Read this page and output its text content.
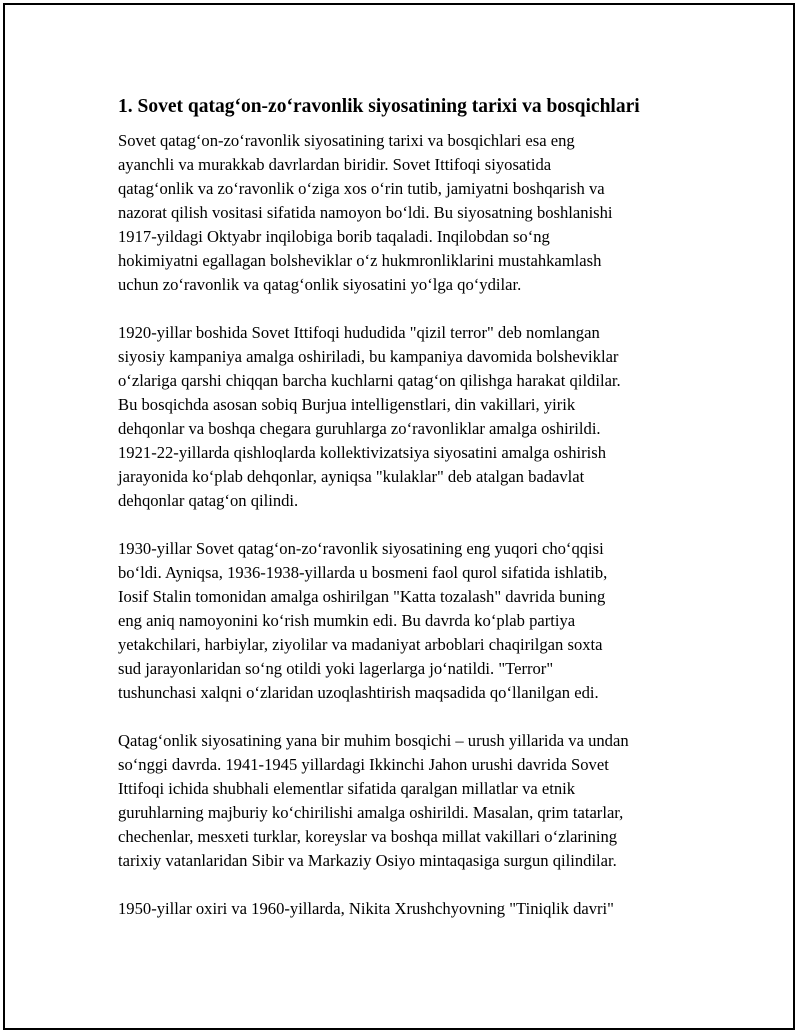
1. Sovet qatag‘on-zo‘ravonlik siyosatining tarixi va bosqichlari
Sovet qatag‘on-zo‘ravonlik siyosatining tarixi va bosqichlari esa eng
ayanchli va murakkab davrlardan biridir. Sovet Ittifoqi siyosatida
qatag‘onlik va zo‘ravonlik o‘ziga xos o‘rin tutib, jamiyatni boshqarish va
nazorat qilish vositasi sifatida namoyon bo‘ldi. Bu siyosatning boshlanishi
1917-yildagi Oktyabr inqilobiga borib taqaladi. Inqilobdan so‘ng
hokimiyatni egallagan bolsheviklar o‘z hukmronliklarini mustahkamlash
uchun zo‘ravonlik va qatag‘onlik siyosatini yo‘lga qo‘ydilar.
1920-yillar boshida Sovet Ittifoqi hududida "qizil terror" deb nomlangan
siyosiy kampaniya amalga oshiriladi, bu kampaniya davomida bolsheviklar
o‘zlariga qarshi chiqqan barcha kuchlarni qatag‘on qilishga harakat qildilar.
Bu bosqichda asosan sobiq Burjua intelligenstlari, din vakillari, yirik
dehqonlar va boshqa chegara guruhlarga zo‘ravonliklar amalga oshirildi.
1921-22-yillarda qishloqlarda kollektivizatsiya siyosatini amalga oshirish
jarayonida ko‘plab dehqonlar, ayniqsa "kulaklar" deb atalgan badavlat
dehqonlar qatag‘on qilindi.
1930-yillar Sovet qatag‘on-zo‘ravonlik siyosatining eng yuqori cho‘qqisi
bo‘ldi. Ayniqsa, 1936-1938-yillarda u bosmeni faol qurol sifatida ishlatib,
Iosif Stalin tomonidan amalga oshirilgan "Katta tozalash" davrida buning
eng aniq namoyonini ko‘rish mumkin edi. Bu davrda ko‘plab partiya
yetakchilari, harbiylar, ziyolilar va madaniyat arboblari chaqirilgan soxta
sud jarayonlaridan so‘ng otildi yoki lagerlarga jo‘natildi. "Terror"
tushunchasi xalqni o‘zlaridan uzoqlashtirish maqsadida qo‘llanilgan edi.
Qatag‘onlik siyosatining yana bir muhim bosqichi – urush yillarida va undan
so‘nggi davrda. 1941-1945 yillardagi Ikkinchi Jahon urushi davrida Sovet
Ittifoqi ichida shubhali elementlar sifatida qaralgan millatlar va etnik
guruhlarning majburiy ko‘chirilishi amalga oshirildi. Masalan, qrim tatarlar,
chechenlar, mesxeti turklar, koreyslar va boshqa millat vakillari o‘zlarining
tarixiy vatanlaridan Sibir va Markaziy Osiyo mintaqasiga surgun qilindilar.
1950-yillar oxiri va 1960-yillarda, Nikita Xrushchyovning "Tiniqlik davri"
